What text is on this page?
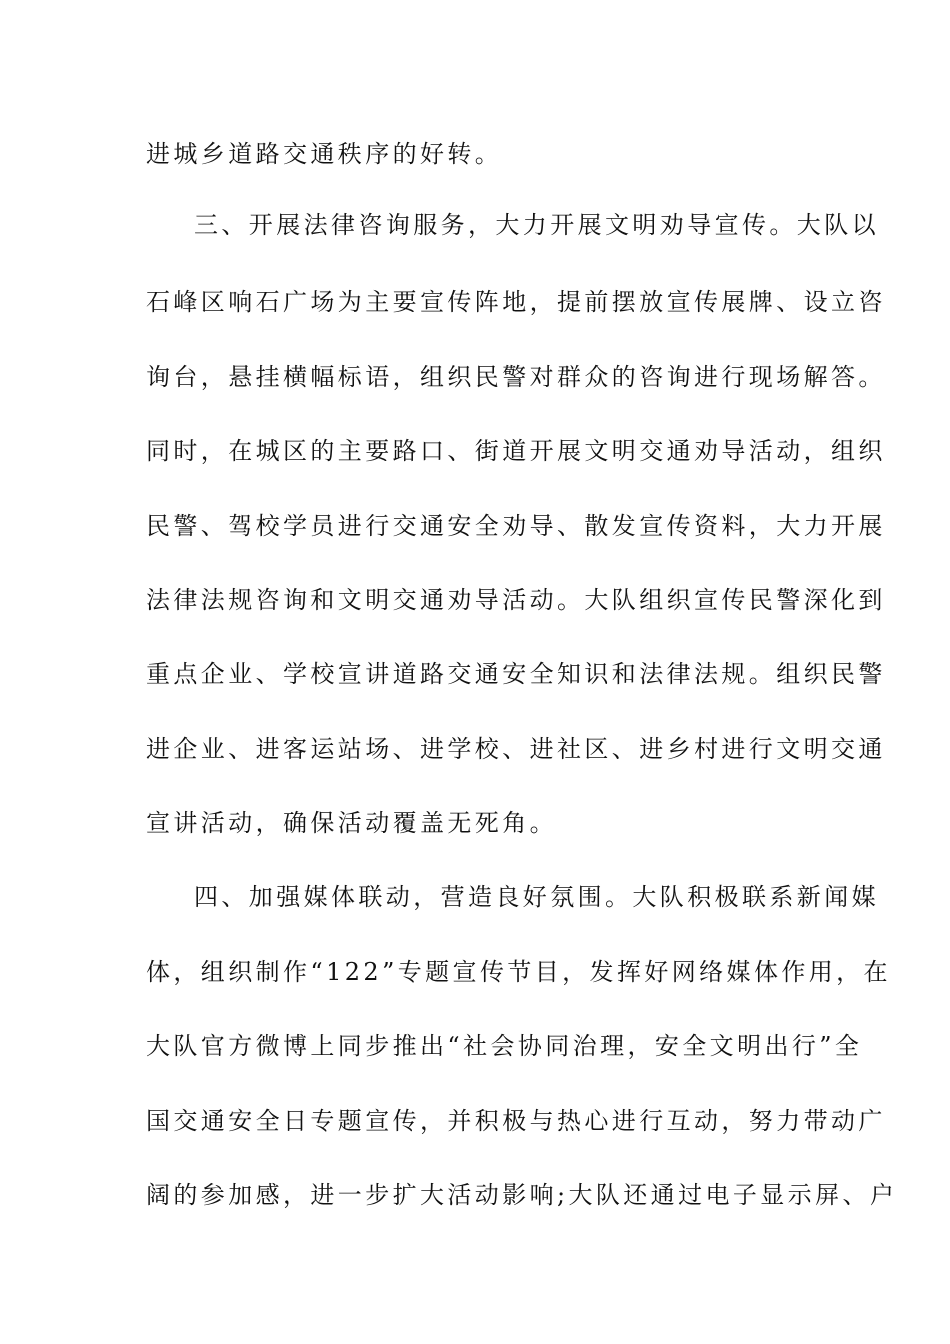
进城乡道路交通秩序的好转。
三、开展法律咨询服务，大力开展文明劝导宣传。大队以
石峰区响石广场为主要宣传阵地，提前摆放宣传展牌、设立咨
询台，悬挂横幅标语，组织民警对群众的咨询进行现场解答。
同时，在城区的主要路口、街道开展文明交通劝导活动，组织
民警、驾校学员进行交通安全劝导、散发宣传资料，大力开展
法律法规咨询和文明交通劝导活动。大队组织宣传民警深化到
重点企业、学校宣讲道路交通安全知识和法律法规。组织民警
进企业、进客运站场、进学校、进社区、进乡村进行文明交通
宣讲活动，确保活动覆盖无死角。
四、加强媒体联动，营造良好氛围。大队积极联系新闻媒
体，组织制作“122”专题宣传节目，发挥好网络媒体作用，在
大队官方微博上同步推出“社会协同治理，安全文明出行”全
国交通安全日专题宣传，并积极与热心进行互动，努力带动广
阔的参加感，进一步扩大活动影响;大队还通过电子显示屏、户
